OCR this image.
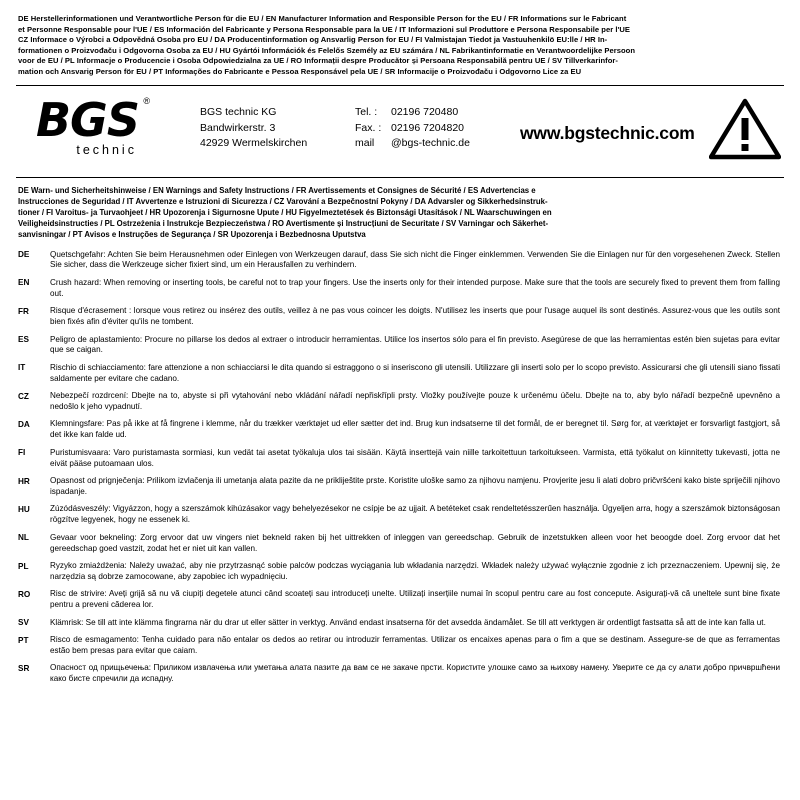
DE Herstellerinformationen und Verantwortliche Person für die EU / EN Manufacturer Information and Responsible Person for the EU / FR Informations sur le Fabricant
et Personne Responsable pour l'UE / ES Información del Fabricante y Persona Responsable para la UE / IT Informazioni sul Produttore e Persona Responsabile per l'UE
CZ Informace o Výrobci a Odpovědná Osoba pro EU / DA Producentinformation og Ansvarlig Person for EU / FI Valmistajan Tiedot ja Vastuuhenkilö EU:lle / HR In-
formationen o Proizvođaču i Odgovorna Osoba za EU / HU Gyártói Információk és Felelős Személy az EU számára / NL Fabrikantinformatie en Verantwoordelijke Persoon
voor de EU / PL Informacje o Producencie i Osoba Odpowiedzialna za UE / RO Informații despre Producător și Persoana Responsabilă pentru UE / SV Tillverkarinfor-
mation och Ansvarig Person för EU / PT Informações do Fabricante e Pessoa Responsável pela UE / SR Informacije o Proizvođaču i Odgovorno Lice za EU
BGS ®
technic
BGS technic KG
Bandwirkerstr. 3
42929 Wermelskirchen
Tel. :	02196 720480
Fax. : 02196 7204820
mail	@bgs-technic.de
www.bgstechnic.com
DE Warn- und Sicherheitshinweise / EN Warnings and Safety Instructions / FR Avertissements et Consignes de Sécurité / ES Advertencias e
Instrucciones de Seguridad / IT Avvertenze e Istruzioni di Sicurezza / CZ Varování a Bezpečnostní Pokyny / DA Advarsler og Sikkerhedsinstruk-
tioner / FI Varoitus- ja Turvaohjeet / HR Upozorenja i Sigurnosne Upute / HU Figyelmeztetések és Biztonsági Utasítások / NL Waarschuwingen en
Veiligheidsinstructies / PL Ostrzeżenia i Instrukcje Bezpieczeństwa / RO Avertismente și Instrucțiuni de Securitate / SV Varningar och Säkerhet-
sanvisningar / PT Avisos e Instruções de Segurança / SR Upozorenja i Bezbednosna Uputstva
DE	Quetschgefahr: Achten Sie beim Herausnehmen oder Einlegen von Werkzeugen darauf, dass Sie sich nicht die Finger einklemmen. Verwenden Sie die Einlagen nur für den vorgesehenen Zweck. Stellen Sie sicher, dass die Werkzeuge sicher fixiert sind, um ein Herausfallen zu verhindern.
EN	Crush hazard: When removing or inserting tools, be careful not to trap your fingers. Use the inserts only for their intended purpose. Make sure that the tools are securely fixed to prevent them from falling out.
FR	Risque d'écrasement : lorsque vous retirez ou insérez des outils, veillez à ne pas vous coincer les doigts. N'utilisez les inserts que pour l'usage auquel ils sont destinés. Assurez-vous que les outils sont bien fixés afin d'éviter qu'ils ne tombent.
ES	Peligro de aplastamiento: Procure no pillarse los dedos al extraer o introducir herramientas. Utilice los insertos sólo para el fin previsto. Asegúrese de que las herramientas estén bien sujetas para evitar que se caigan.
IT	Rischio di schiacciamento: fare attenzione a non schiacciarsi le dita quando si estraggono o si inseriscono gli utensili. Utilizzare gli inserti solo per lo scopo previsto. Assicurarsi che gli utensili siano fissati saldamente per evitare che cadano.
CZ	Nebezpečí rozdrcení: Dbejte na to, abyste si při vytahování nebo vkládání nářadí nepřiskřípli prsty. Vložky používejte pouze k určenému účelu. Dbejte na to, aby bylo nářadí bezpečně upevněno a nedošlo k jeho vypadnutí.
DA	Klemningsfare: Pas på ikke at få fingrene i klemme, når du trækker værktøjet ud eller sætter det ind. Brug kun indsatserne til det formål, de er beregnet til. Sørg for, at værktøjet er forsvarligt fastgjort, så det ikke kan falde ud.
FI	Puristumisvaara: Varo puristamasta sormiasi, kun vedät tai asetat työkaluja ulos tai sisään. Käytä inserttejä vain niille tarkoitettuun tarkoitukseen. Varmista, että työkalut on kiinnitetty tukevasti, jotta ne eivät pääse putoamaan ulos.
HR	Opasnost od prignječenja: Prilikom izvlačenja ili umetanja alata pazite da ne prikliještite prste. Koristite uloške samo za njihovu namjenu. Provjerite jesu li alati dobro pričvršćeni kako biste spriječili njihovo ispadanje.
HU	Zúzódásveszély: Vigyázzon, hogy a szerszámok kihúzásakor vagy behelyezésekor ne csípje be az ujjait. A betéteket csak rendeltetésszerűen használja. Ügyeljen arra, hogy a szerszámok biztonságosan rögzítve legyenek, hogy ne essenek ki.
NL	Gevaar voor bekneling: Zorg ervoor dat uw vingers niet bekneld raken bij het uittrekken of inleggen van gereedschap. Gebruik de inzetstukken alleen voor het beoogde doel. Zorg ervoor dat het gereedschap goed vastzit, zodat het er niet uit kan vallen.
PL	Ryzyko zmiażdżenia: Należy uważać, aby nie przytrzasnąć sobie palców podczas wyciągania lub wkładania narzędzi. Wkładek należy używać wyłącznie zgodnie z ich przeznaczeniem. Upewnij się, że narzędzia są dobrze zamocowane, aby zapobiec ich wypadnięciu.
RO	Risc de strivire: Aveți grijă să nu vă ciupiți degetele atunci când scoateți sau introduceți unelte. Utilizați inserțiile numai în scopul pentru care au fost concepute. Asigurați-vă că uneltele sunt bine fixate pentru a preveni căderea lor.
SV	Klämrisk: Se till att inte klämma fingrarna när du drar ut eller sätter in verktyg. Använd endast insatserna för det avsedda ändamålet. Se till att verktygen är ordentligt fastsatta så att de inte kan falla ut.
PT	Risco de esmagamento: Tenha cuidado para não entalar os dedos ao retirar ou introduzir ferramentas. Utilizar os encaixes apenas para o fim a que se destinam. Assegure-se de que as ferramentas estão bem presas para evitar que caiam.
SR	Опасност од прищьечења: Приликом извлачења или уметања алата пазите да вам се не закаче прсти. Користите улошке само за њихову намену. Уверите се да су алати добро причвршћени како бисте спречили да испадну.
